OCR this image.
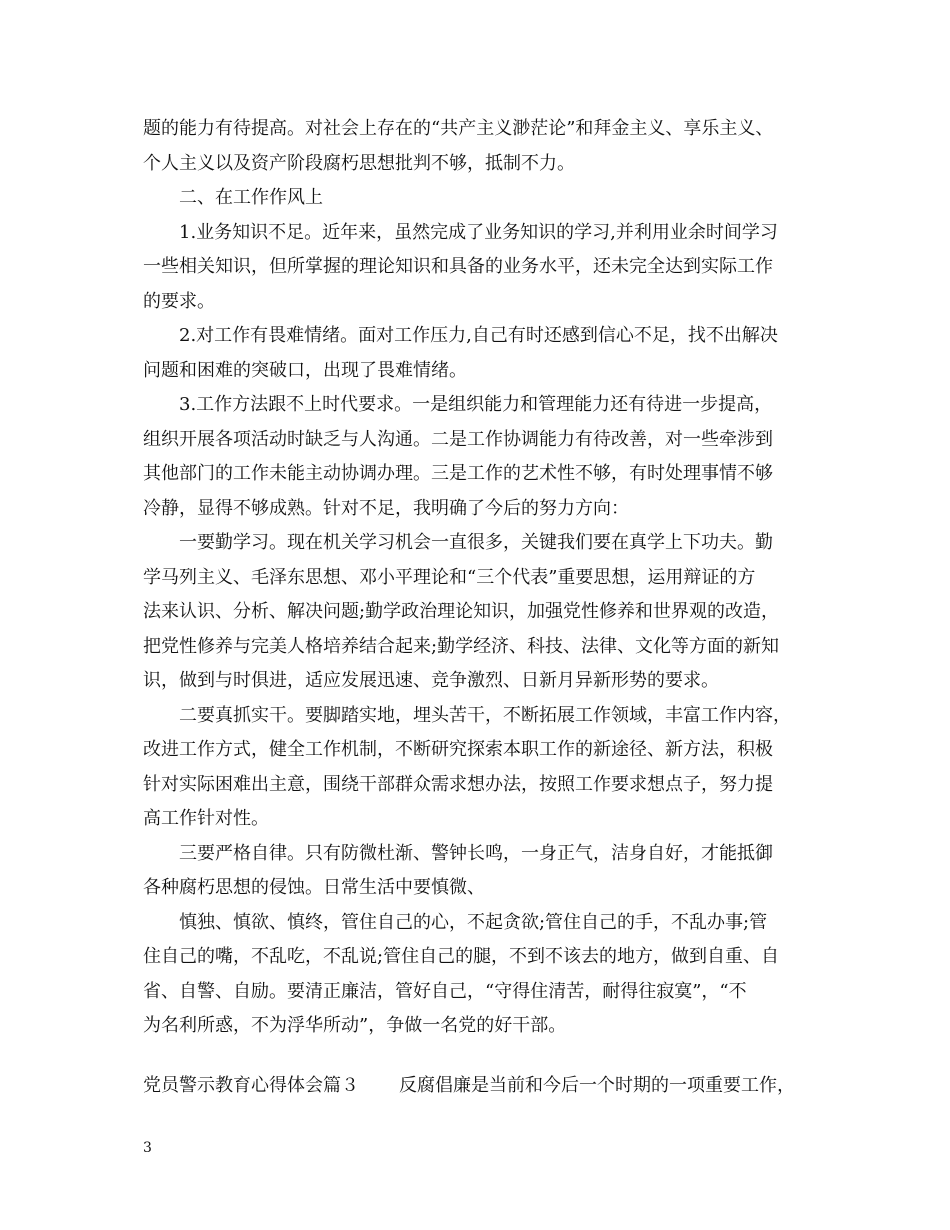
题的能力有待提高。对社会上存在的“共产主义渺茫论”和拜金主义、享乐主义、
个人主义以及资产阶段腐朽思想批判不够，抵制不力。
二、在工作作风上
1.业务知识不足。近年来，虽然完成了业务知识的学习,并利用业余时间学习
一些相关知识，但所掌握的理论知识和具备的业务水平，还未完全达到实际工作
的要求。
2.对工作有畏难情绪。面对工作压力,自己有时还感到信心不足，找不出解决
问题和困难的突破口，出现了畏难情绪。
3.工作方法跟不上时代要求。一是组织能力和管理能力还有待进一步提高，
组织开展各项活动时缺乏与人沟通。二是工作协调能力有待改善，对一些牵涉到
其他部门的工作未能主动协调办理。三是工作的艺术性不够，有时处理事情不够
冷静，显得不够成熟。针对不足，我明确了今后的努力方向：
一要勤学习。现在机关学习机会一直很多，关键我们要在真学上下功夫。勤
学马列主义、毛泽东思想、邓小平理论和“三个代表”重要思想，运用辩证的方
法来认识、分析、解决问题;勤学政治理论知识，加强党性修养和世界观的改造，
把党性修养与完美人格培养结合起来;勤学经济、科技、法律、文化等方面的新知
识，做到与时俱进，适应发展迅速、竞争激烈、日新月异新形势的要求。
二要真抓实干。要脚踏实地，埋头苦干，不断拓展工作领域，丰富工作内容，
改进工作方式，健全工作机制，不断研究探索本职工作的新途径、新方法，积极
针对实际困难出主意，围绕干部群众需求想办法，按照工作要求想点子，努力提
高工作针对性。
三要严格自律。只有防微杜渐、警钟长鸣，一身正气，洁身自好，才能抵御
各种腐朽思想的侵蚀。日常生活中要慎微、
慎独、慎欲、慎终，管住自己的心，不起贪欲;管住自己的手，不乱办事;管
住自己的嘴，不乱吃，不乱说;管住自己的腿，不到不该去的地方，做到自重、自
省、自警、自励。要清正廉洁，管好自己，“守得住清苦，耐得往寂寞”，“不
为名利所惑，不为浮华所动”，争做一名党的好干部。
党员警示教育心得体会篇３ 反腐倡廉是当前和今后一个时期的一项重要工作，
3
